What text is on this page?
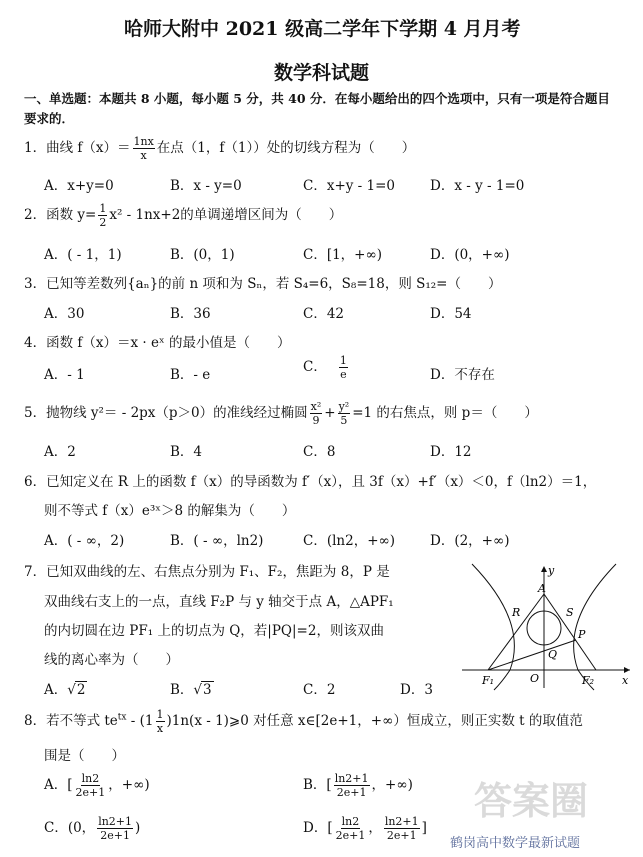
哈师大附中 2021 级高二学年下学期 4 月月考
数学科试题
一、单选题：本题共 8 小题，每小题 5 分，共 40 分．在每小题给出的四个选项中，只有一项是符合题目
要求的．
1．曲线 $f(x)= \frac{1nx}{x}$ 在点（1，f（1））处的切线方程为（　　）
A．x+y=0	B．x - y=0	C．x+y - 1=0	D．x - y - 1=0
2．函数 $y= \frac{1}{2} x^2 - 1nx+2$的单调递增区间为（　　）
A．( - 1，1)	B．(0，1)	C．[1，+∞)	D．(0，+∞)
3．已知等差数列{aₙ}的前 n 项和为 Sₙ，若 S₄=6，S₈=18，则 S₁₂=（　　）
A．30	B．36	C．42	D．54
4．函数 f（x）＝x · eˣ 的最小值是（　　）
A．- 1	B．- e	C． $\frac{1}{e}$	D．不存在
5．抛物线 y²＝ - 2px（p＞0）的准线经过椭圆 $\frac{\text{x²}}{9} + \frac{\text{y²}}{5} =1$ 的右焦点，则 p＝（　　）
A．2	B．4	C．8	D．12
6．已知定义在 R 上的函数 f（x）的导函数为 f′（x），且 3f（x）+f′（x）＜0，f（ln2）＝1，
则不等式 f（x）e³ˣ＞8 的解集为（　　）
A．( - ∞，2)	B．( - ∞，ln2)	C．(ln2，+∞)	D．(2，+∞)
7．已知双曲线的左、右焦点分别为 F₁、F₂，焦距为 8，P 是
双曲线右支上的一点，直线 F₂P 与 y 轴交于点 A，△APF₁
的内切圆在边 PF₁ 上的切点为 Q，若|PQ|=2，则该双曲
线的离心率为（　　）
A．√2	B．√3	C．2	D．3
y
A
R	S
P
Q
O
F₁	F₂	x
8．若不等式 $te^{tx} - (1 \frac{1}{x} )1n(x$ - 1)⩾0 对任意 x∈[2e+1，+∞）恒成立，则正实数 t 的取值范
围是（　　）
A．[ $\frac{\ln 2}{2e+1}$ ，+∞)	B．[ $\frac{\ln 2+1}{2e+1}$ ，+∞)
C．(0， $\frac{\ln 2+1}{2e+1}$ )	D．[ $\frac{\ln 2}{2e+1}$ ， $\frac{\ln 2+1}{2e+1}$ ]
答案圈
鹤岗高中数学最新试题
